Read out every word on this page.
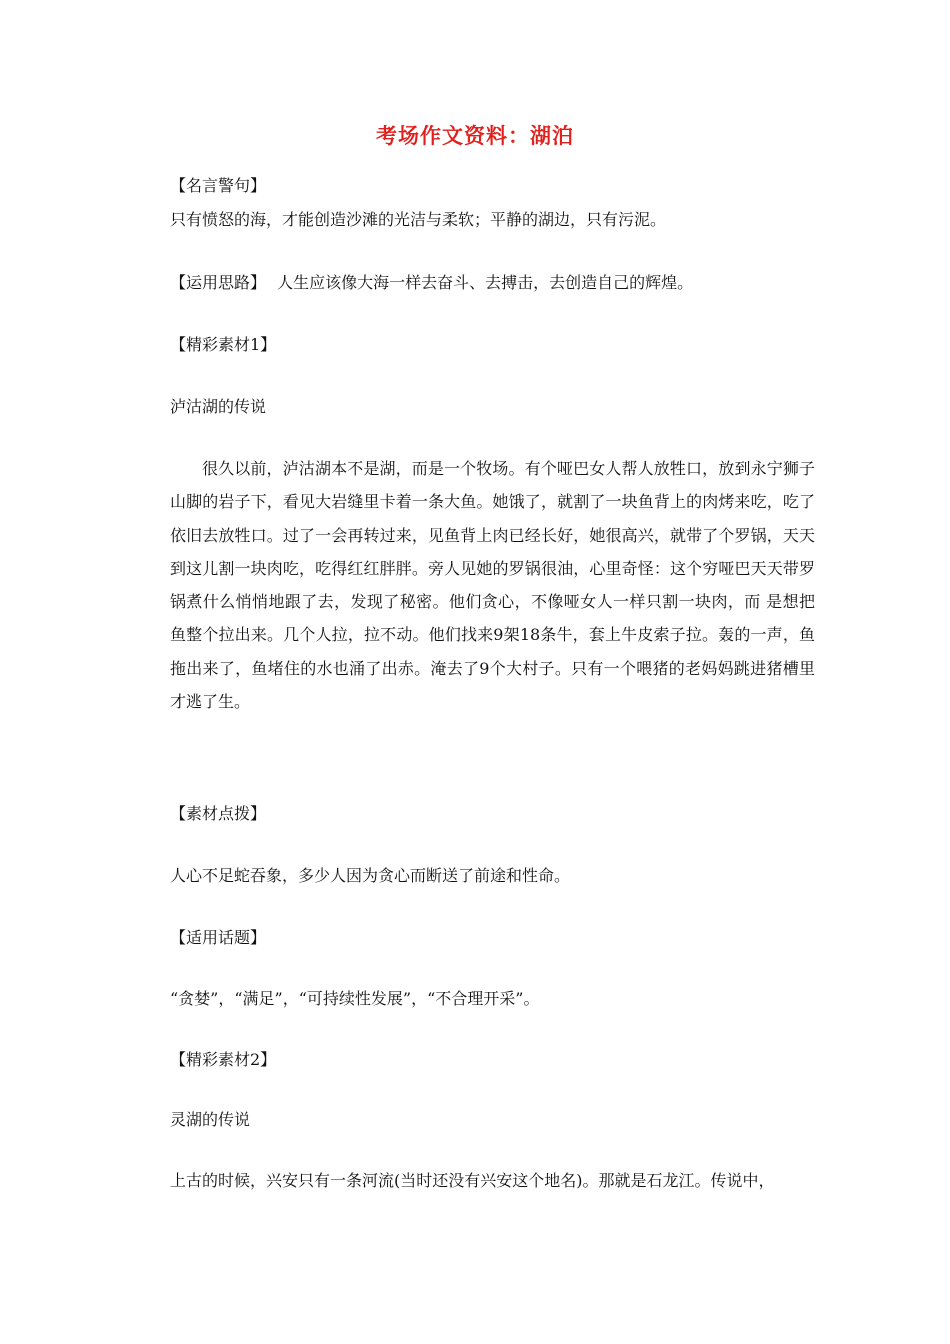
考场作文资料：湖泊
【名言警句】
只有愤怒的海，才能创造沙滩的光洁与柔软；平静的湖边，只有污泥。
【运用思路】 人生应该像大海一样去奋斗、去搏击，去创造自己的辉煌。
【精彩素材1】
泸沽湖的传说

很久以前，泸沽湖本不是湖，而是一个牧场。有个哑巴女人帮人放牲口，放到永宁狮子山脚的岩子下，看见大岩缝里卡着一条大鱼。她饿了，就割了一块鱼背上的肉烤来吃，吃了依旧去放牲口。过了一会再转过来，见鱼背上肉已经长好，她很高兴，就带了个罗锅，天天到这儿割一块肉吃，吃得红红胖胖。旁人见她的罗锅很油，心里奇怪：这个穷哑巴天天带罗锅煮什么悄悄地跟了去，发现了秘密。他们贪心，不像哑女人一样只割一块肉，而 是想把鱼整个拉出来。几个人拉，拉不动。他们找来9架18条牛，套上牛皮索子拉。轰的一声，鱼拖出来了，鱼堵住的水也涌了出赤。淹去了9个大村子。只有一个喂猪的老妈妈跳进猪槽里才逃了生。

【素材点拨】
人心不足蛇吞象，多少人因为贪心而断送了前途和性命。
【适用话题】
“贪婪”，“满足”，“可持续性发展”，“不合理开采”。
【精彩素材2】
灵湖的传说
上古的时候，兴安只有一条河流(当时还没有兴安这个地名)。那就是石龙江。传说中，
